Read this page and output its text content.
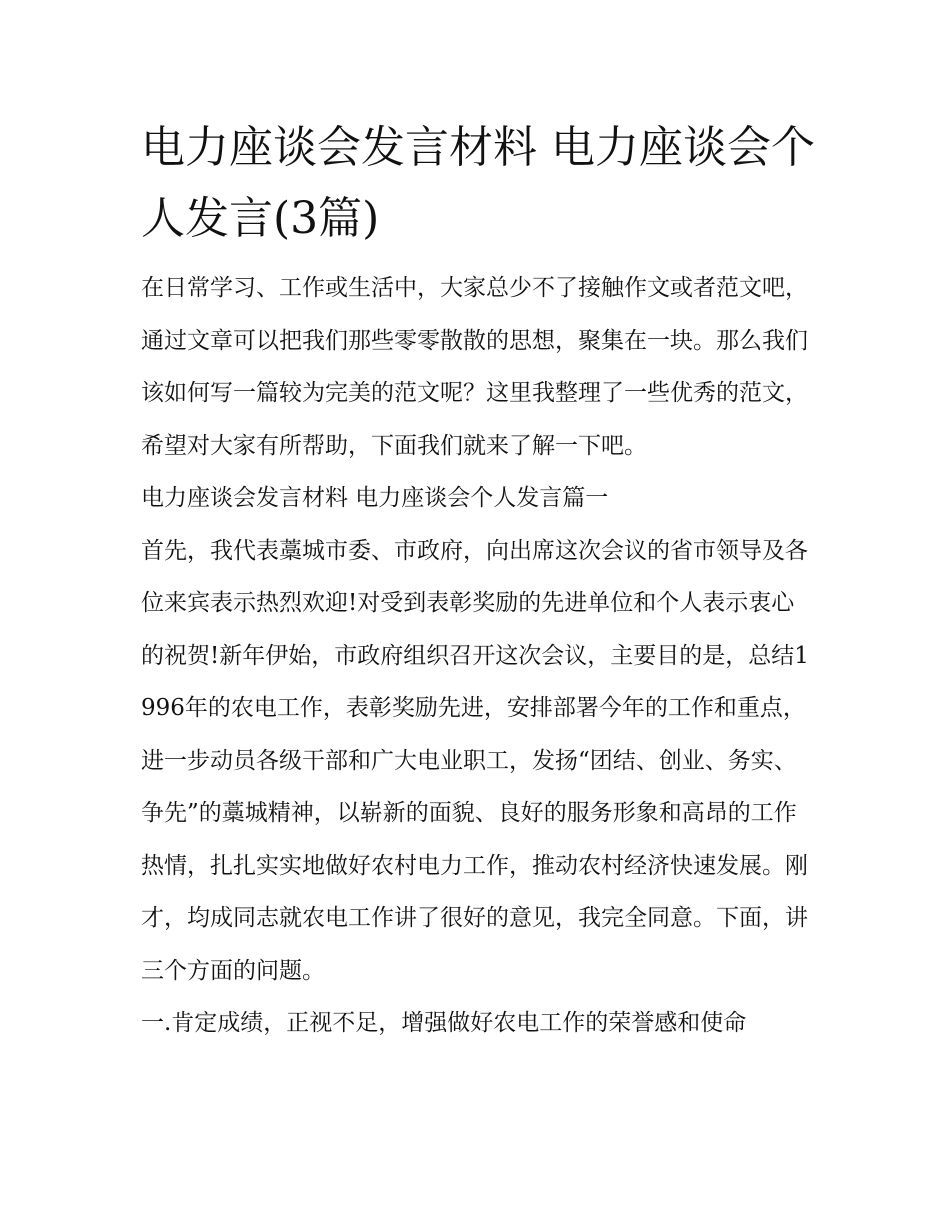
电力座谈会发言材料 电力座谈会个人发言(3篇)

在日常学习、工作或生活中，大家总少不了接触作文或者范文吧，通过文章可以把我们那些零零散散的思想，聚集在一块。那么我们该如何写一篇较为完美的范文呢？这里我整理了一些优秀的范文，希望对大家有所帮助，下面我们就来了解一下吧。

电力座谈会发言材料 电力座谈会个人发言篇一

首先，我代表藁城市委、市政府，向出席这次会议的省市领导及各位来宾表示热烈欢迎!对受到表彰奖励的先进单位和个人表示衷心的祝贺!新年伊始，市政府组织召开这次会议，主要目的是，总结1996年的农电工作，表彰奖励先进，安排部署今年的工作和重点，进一步动员各级干部和广大电业职工，发扬“团结、创业、务实、争先”的藁城精神，以崭新的面貌、良好的服务形象和高昂的工作热情，扎扎实实地做好农村电力工作，推动农村经济快速发展。刚才，均成同志就农电工作讲了很好的意见，我完全同意。下面，讲三个方面的问题。

一.肯定成绩，正视不足，增强做好农电工作的荣誉感和使命
